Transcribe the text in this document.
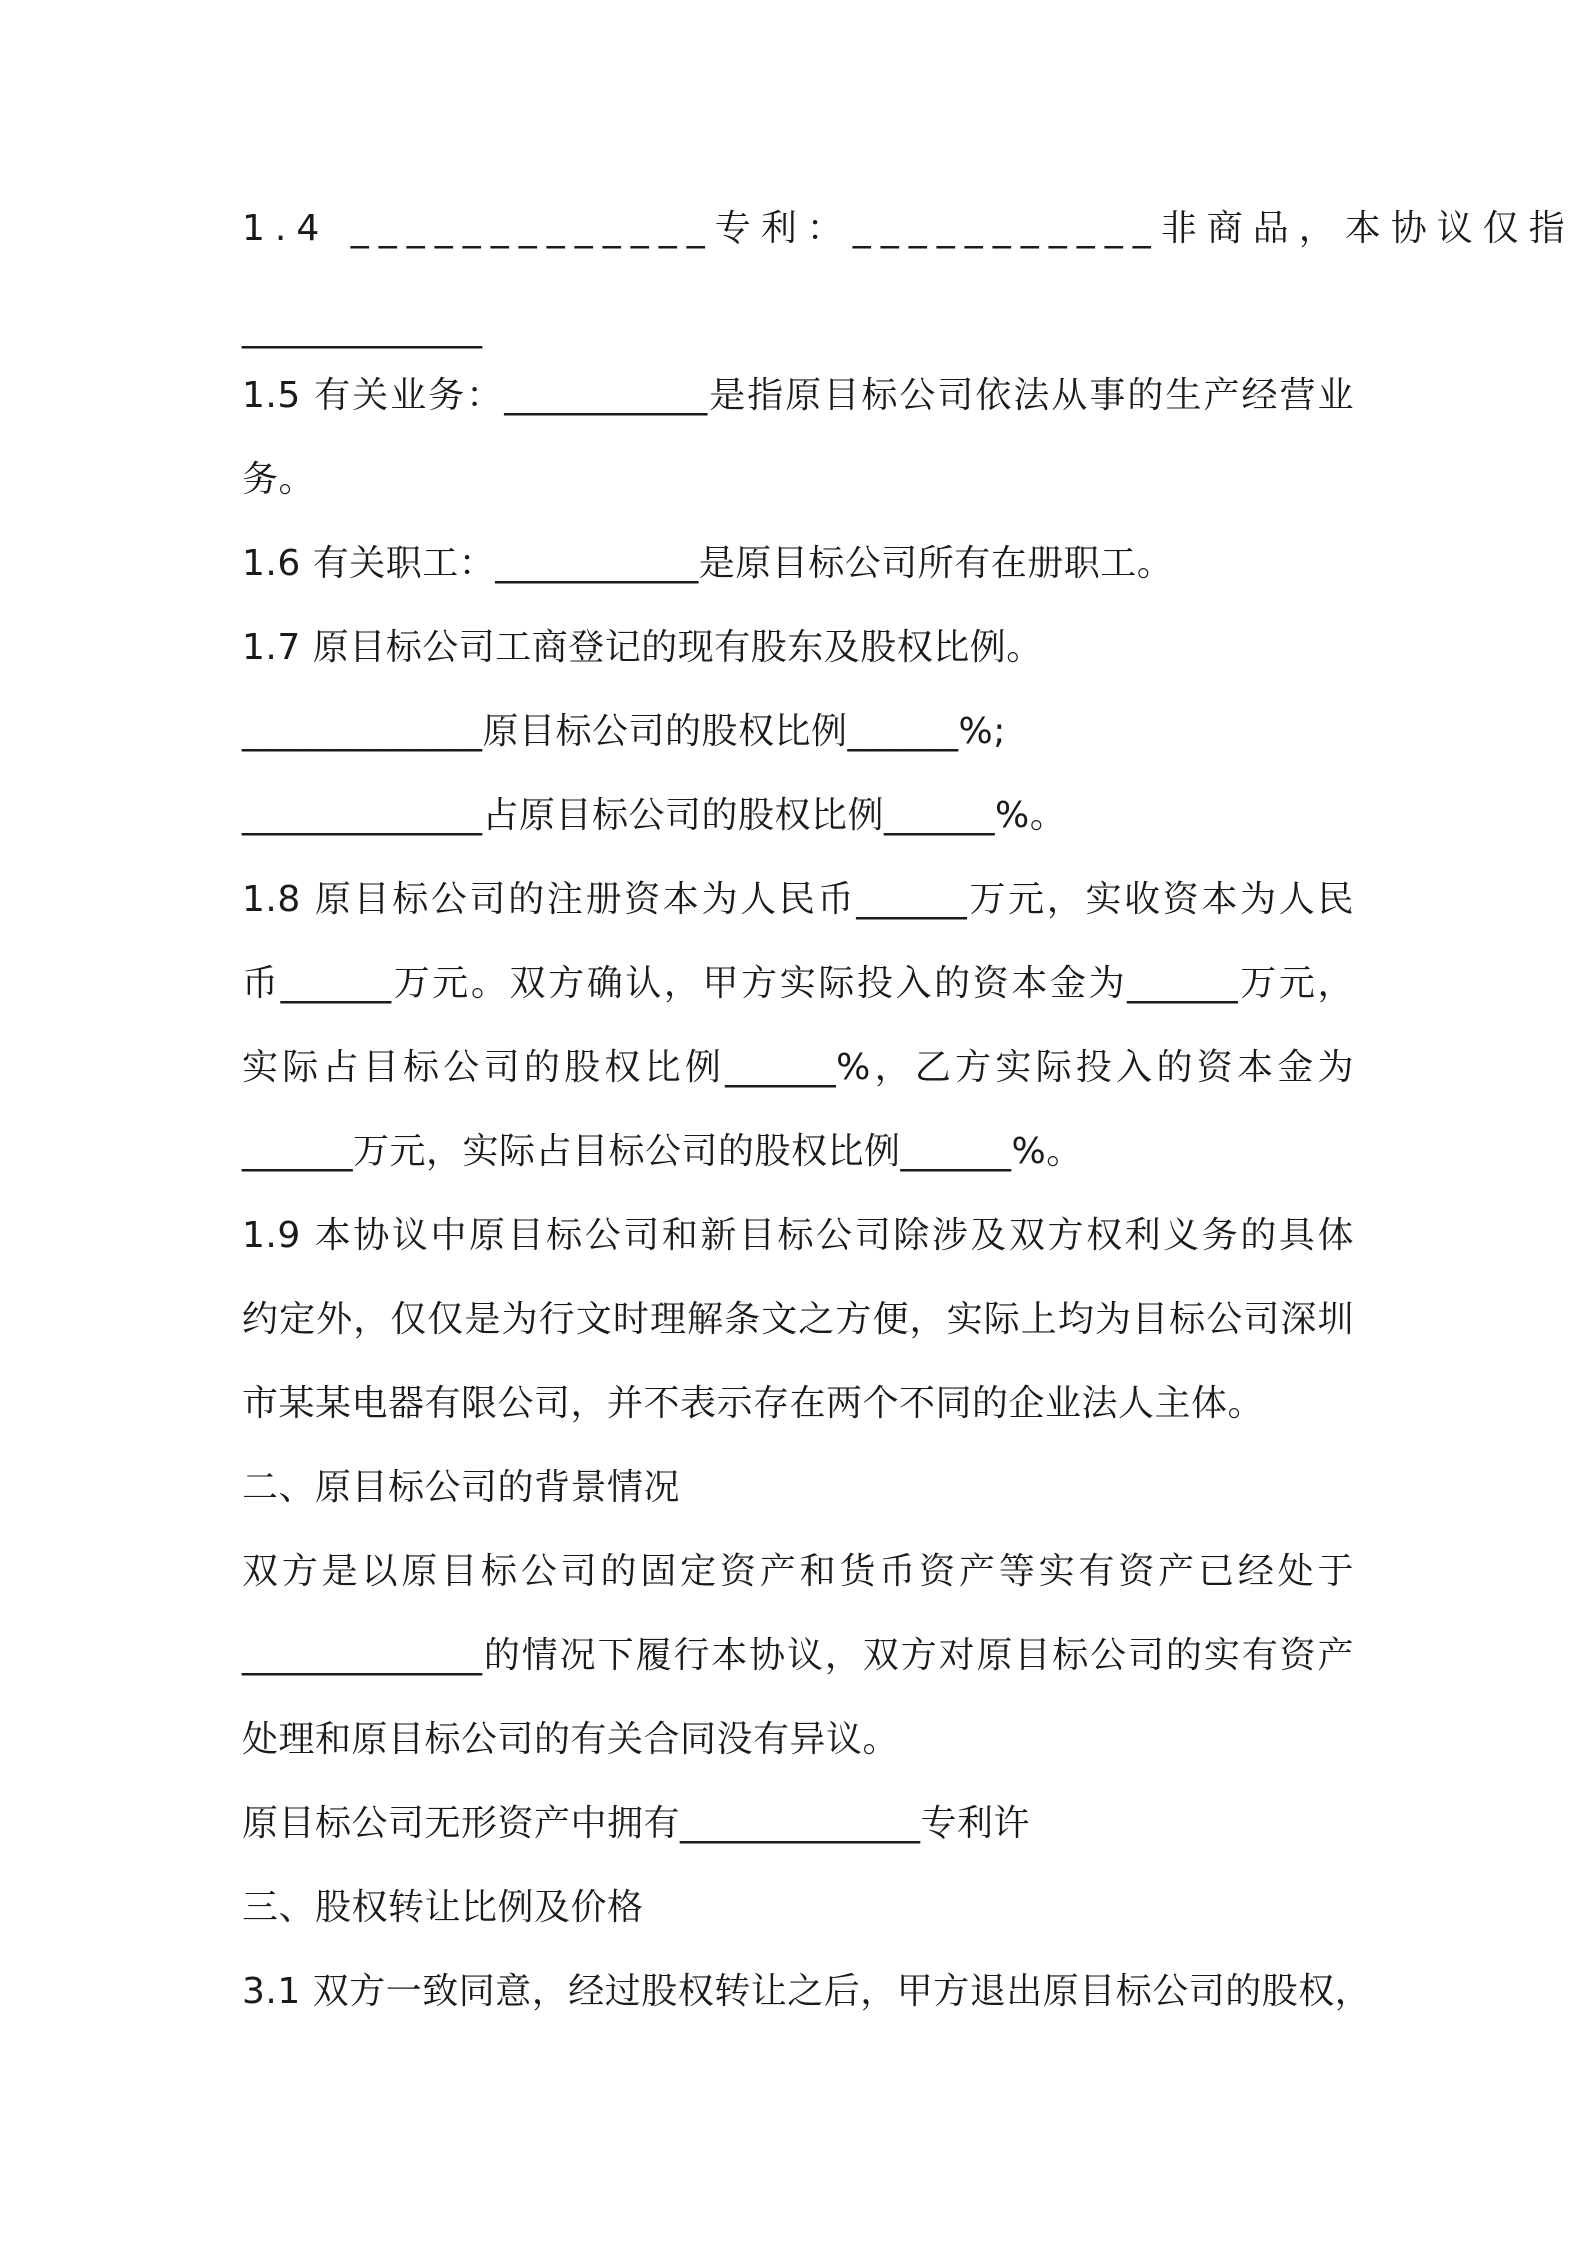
1.4 _____________专利：___________非商品，本协议仅指
_____________
1.5 有关业务：___________是指原目标公司依法从事的生产经营业
务。
1.6 有关职工：___________是原目标公司所有在册职工。
1.7 原目标公司工商登记的现有股东及股权比例。
_____________原目标公司的股权比例______%;
_____________占原目标公司的股权比例______%。
1.8 原目标公司的注册资本为人民币______万元，实收资本为人民
币______万元。双方确认，甲方实际投入的资本金为______万元，
实际占目标公司的股权比例______%，乙方实际投入的资本金为
______万元，实际占目标公司的股权比例______%。
1.9 本协议中原目标公司和新目标公司除涉及双方权利义务的具体
约定外，仅仅是为行文时理解条文之方便，实际上均为目标公司深圳
市某某电器有限公司，并不表示存在两个不同的企业法人主体。
二、原目标公司的背景情况
双方是以原目标公司的固定资产和货币资产等实有资产已经处于
_____________的情况下履行本协议，双方对原目标公司的实有资产
处理和原目标公司的有关合同没有异议。
原目标公司无形资产中拥有_____________专利许
三、股权转让比例及价格
3.1 双方一致同意，经过股权转让之后，甲方退出原目标公司的股权，
